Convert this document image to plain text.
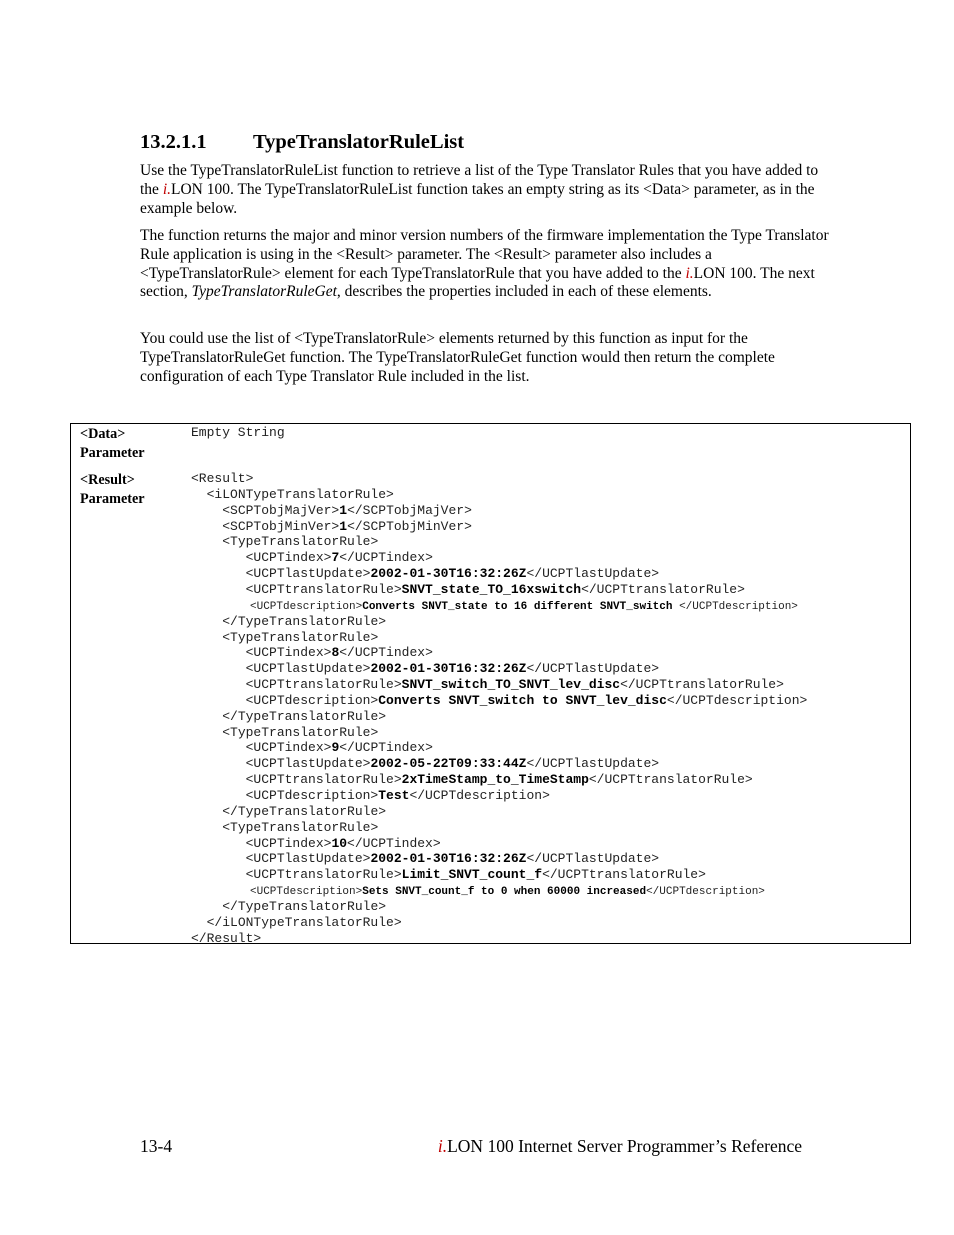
13.2.1.1 TypeTranslatorRuleList

Use the TypeTranslatorRuleList function to retrieve a list of the Type Translator Rules that you have added to the i.LON 100. The TypeTranslatorRuleList function takes an empty string as its <Data> parameter, as in the example below.

The function returns the major and minor version numbers of the firmware implementation the Type Translator Rule application is using in the <Result> parameter. The <Result> parameter also includes a <TypeTranslatorRule> element for each TypeTranslatorRule that you have added to the i.LON 100. The next section, TypeTranslatorRuleGet, describes the properties included in each of these elements.

You could use the list of <TypeTranslatorRule> elements returned by this function as input for the TypeTranslatorRuleGet function. The TypeTranslatorRuleGet function would then return the complete configuration of each Type Translator Rule included in the list.

<Data>
Parameter
Empty String
<Result>
Parameter
<Result>
<iLONTypeTranslatorRule>
<SCPTobjMajVer>1</SCPTobjMajVer>
<SCPTobjMinVer>1</SCPTobjMinVer>
<TypeTranslatorRule>
<UCPTindex>7</UCPTindex>
<UCPTlastUpdate>2002-01-30T16:32:26Z</UCPTlastUpdate>
<UCPTtranslatorRule>SNVT_state_TO_16xswitch</UCPTtranslatorRule>
<UCPTdescription>Converts SNVT_state to 16 different SNVT_switch </UCPTdescription>
</TypeTranslatorRule>
<TypeTranslatorRule>
<UCPTindex>8</UCPTindex>
<UCPTlastUpdate>2002-01-30T16:32:26Z</UCPTlastUpdate>
<UCPTtranslatorRule>SNVT_switch_TO_SNVT_lev_disc</UCPTtranslatorRule>
<UCPTdescription>Converts SNVT_switch to SNVT_lev_disc</UCPTdescription>
</TypeTranslatorRule>
<TypeTranslatorRule>
<UCPTindex>9</UCPTindex>
<UCPTlastUpdate>2002-05-22T09:33:44Z</UCPTlastUpdate>
<UCPTtranslatorRule>2xTimeStamp_to_TimeStamp</UCPTtranslatorRule>
<UCPTdescription>Test</UCPTdescription>
</TypeTranslatorRule>
<TypeTranslatorRule>
<UCPTindex>10</UCPTindex>
<UCPTlastUpdate>2002-01-30T16:32:26Z</UCPTlastUpdate>
<UCPTtranslatorRule>Limit_SNVT_count_f</UCPTtranslatorRule>
<UCPTdescription>Sets SNVT_count_f to 0 when 60000 increased</UCPTdescription>
</TypeTranslatorRule>
</iLONTypeTranslatorRule>
</Result>
13-4	i.LON 100 Internet Server Programmer’s Reference
